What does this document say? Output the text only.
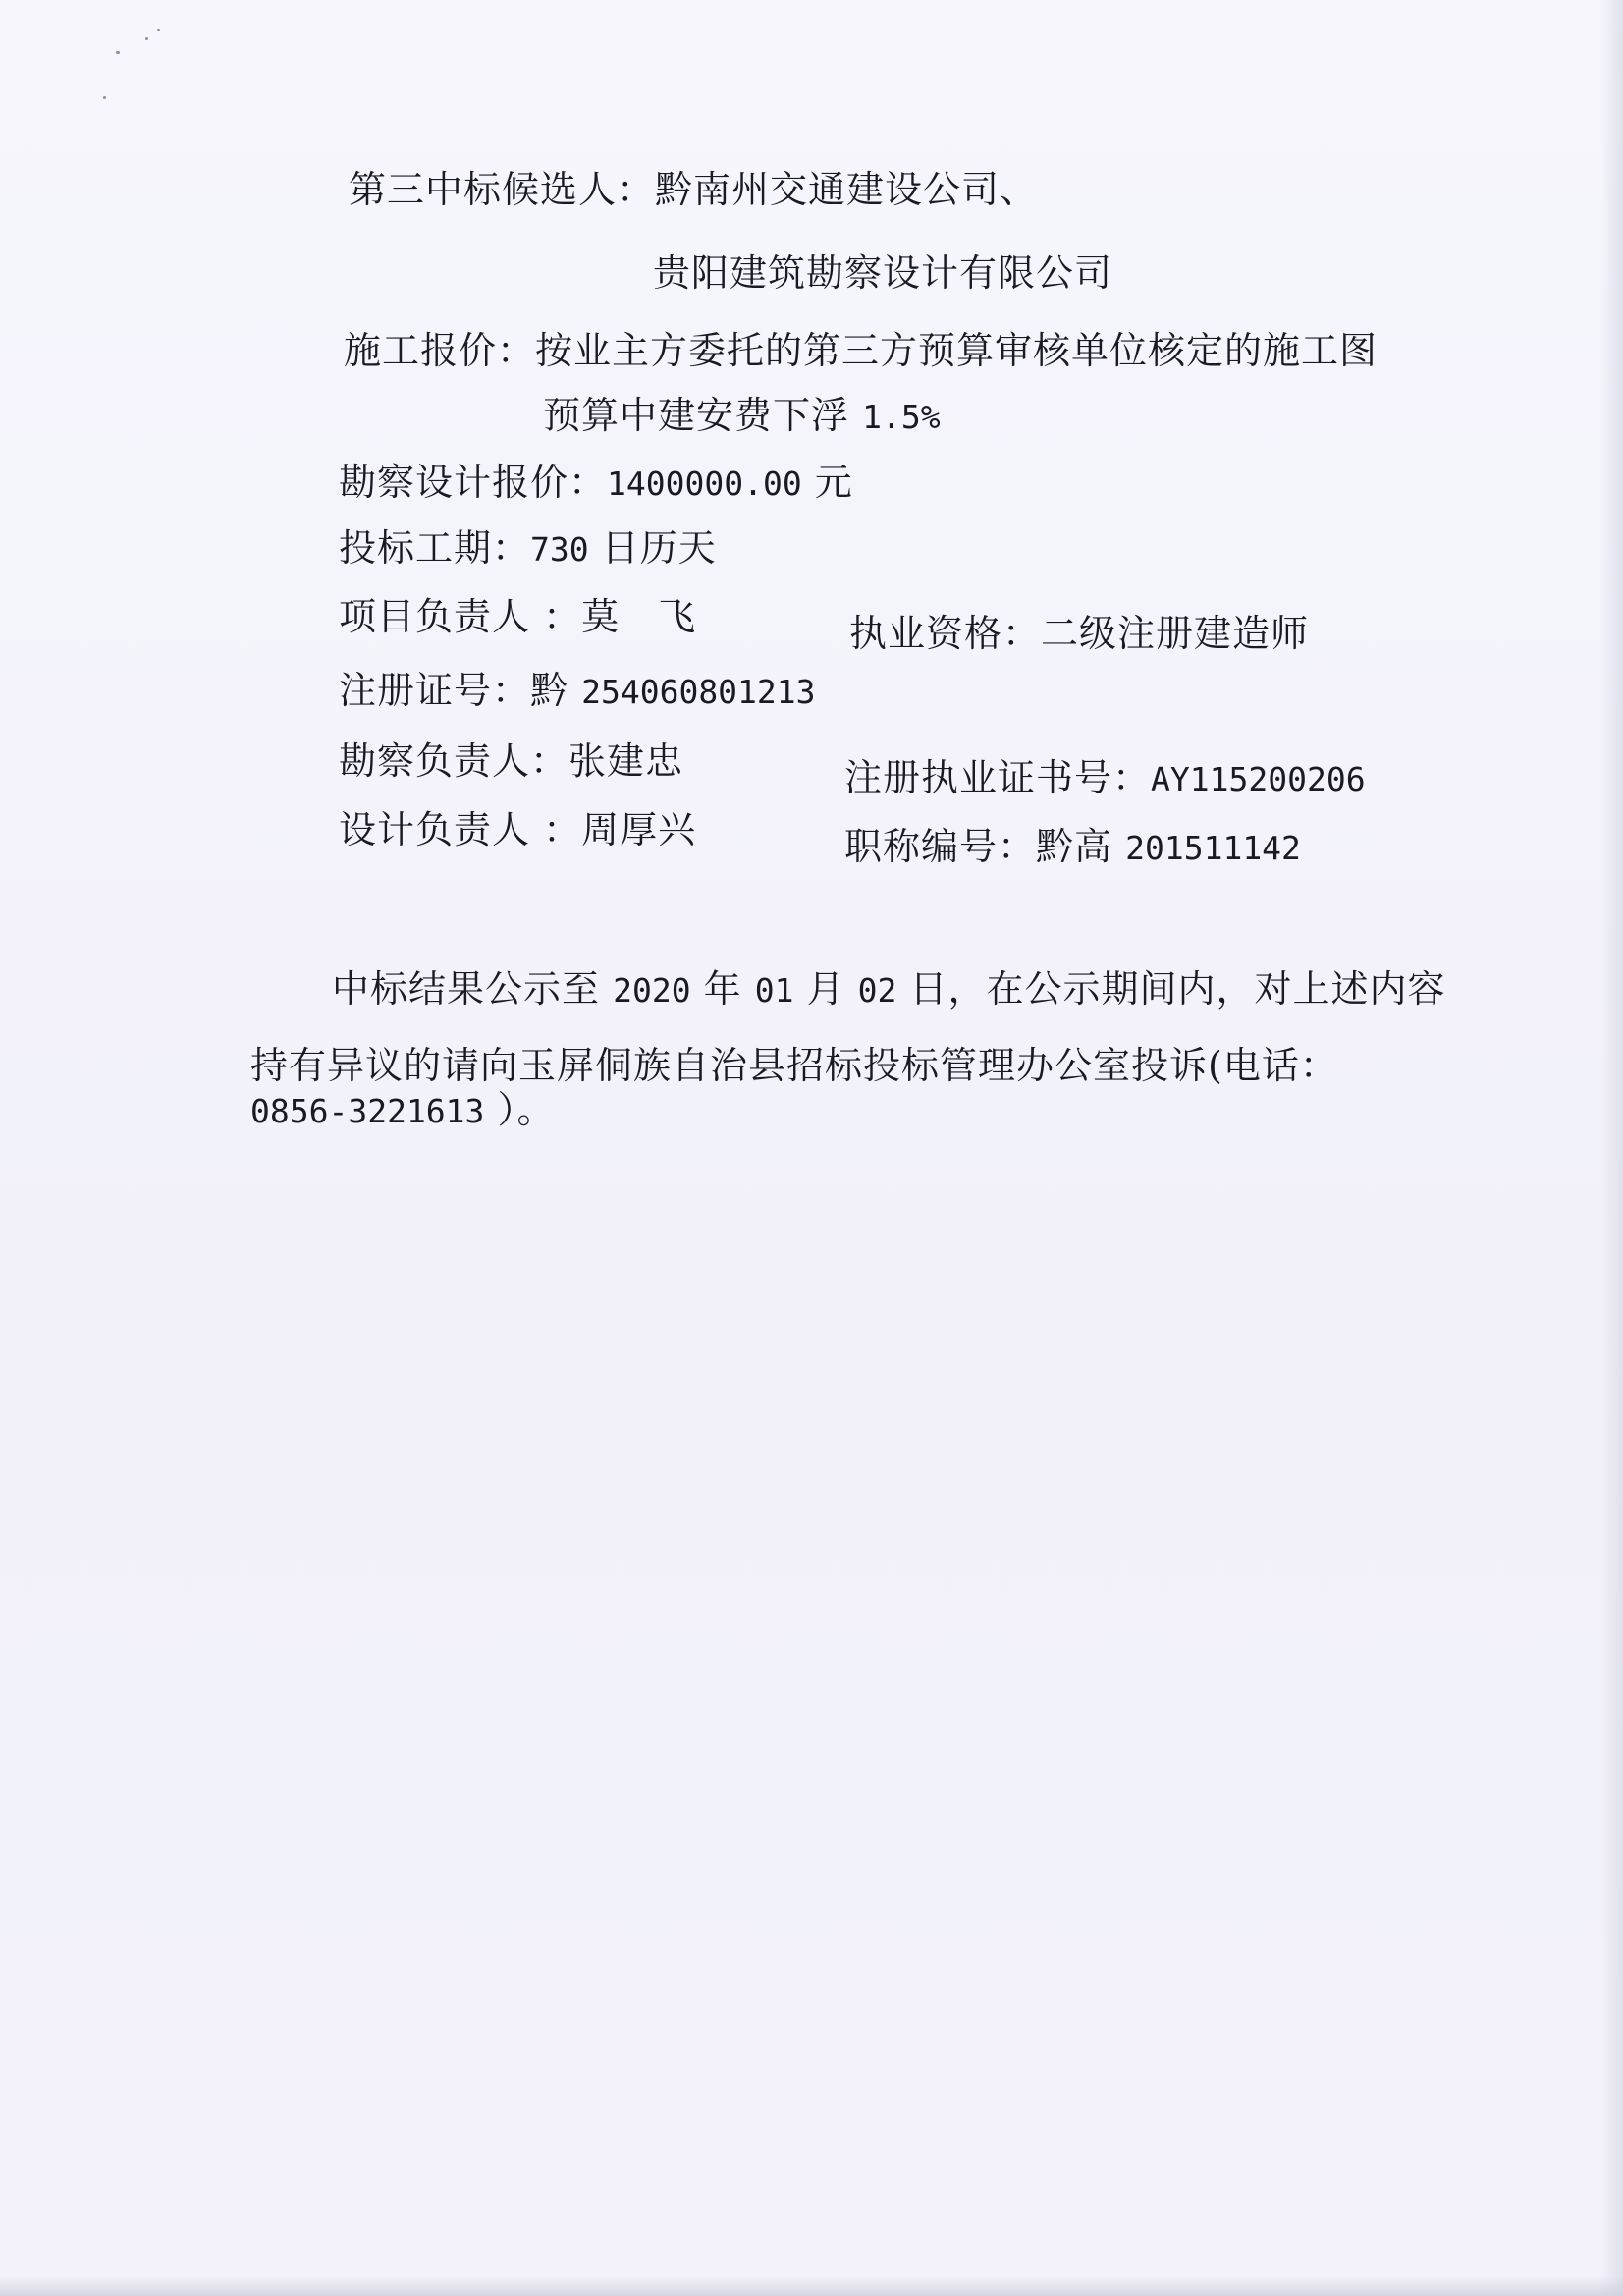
第三中标候选人：黔南州交通建设公司、
贵阳建筑勘察设计有限公司
施工报价：按业主方委托的第三方预算审核单位核定的施工图
预算中建安费下浮 1.5%
勘察设计报价：1400000.00 元
投标工期：730 日历天
项目负责人 ：莫　飞	执业资格：二级注册建造师
注册证号：黔 254060801213
勘察负责人：张建忠	注册执业证书号：AY115200206
设计负责人 ：周厚兴	职称编号：黔高 201511142
中标结果公示至 2020 年 01 月 02 日，在公示期间内，对上述内容
持有异议的请向玉屏侗族自治县招标投标管理办公室投诉(电话：
0856-3221613 ）。
